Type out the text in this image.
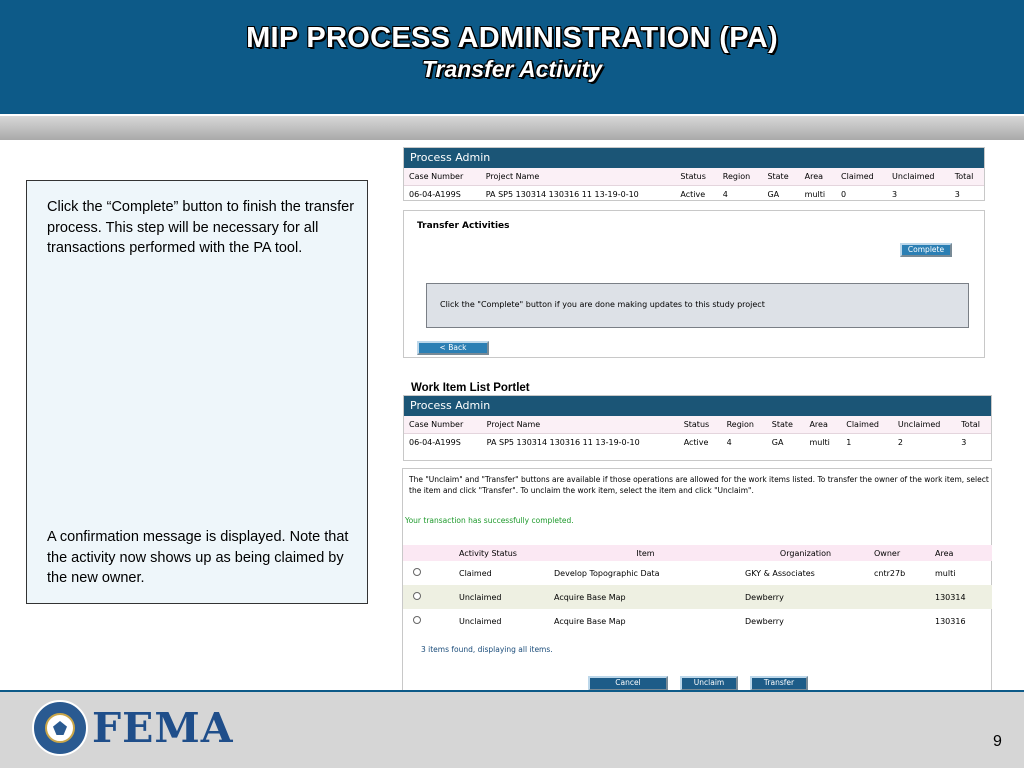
MIP PROCESS ADMINISTRATION (PA)
Transfer Activity

Click the “Complete” button to finish the transfer process. This step will be necessary for all transactions performed with the PA tool.

A confirmation message is displayed. Note that the activity now shows up as being claimed by the new owner.

Process Admin
Case Number	Project Name	Status	Region	State	Area	Claimed	Unclaimed	Total
06-04-A199S	PA SP5 130314 130316 11 13-19-0-10	Active	4	GA	multi	0	3	3
Transfer Activities
Complete
Click the "Complete" button if you are done making updates to this study project
< Back
Work Item List Portlet
Process Admin
Case Number	Project Name	Status	Region	State	Area	Claimed	Unclaimed	Total
06-04-A199S	PA SP5 130314 130316 11 13-19-0-10	Active	4	GA	multi	1	2	3
The "Unclaim" and "Transfer" buttons are available if those operations are allowed for the work items listed. To transfer the owner of the work item, select the item and click "Transfer". To unclaim the work item, select the item and click "Unclaim".
Your transaction has successfully completed.
	Activity Status	Item	Organization	Owner	Area
	Claimed	Develop Topographic Data	GKY & Associates	cntr27b	multi
	Unclaimed	Acquire Base Map	Dewberry		130314
	Unclaimed	Acquire Base Map	Dewberry		130316
3 items found, displaying all items.
Cancel	Unclaim	Transfer
FEMA	9
